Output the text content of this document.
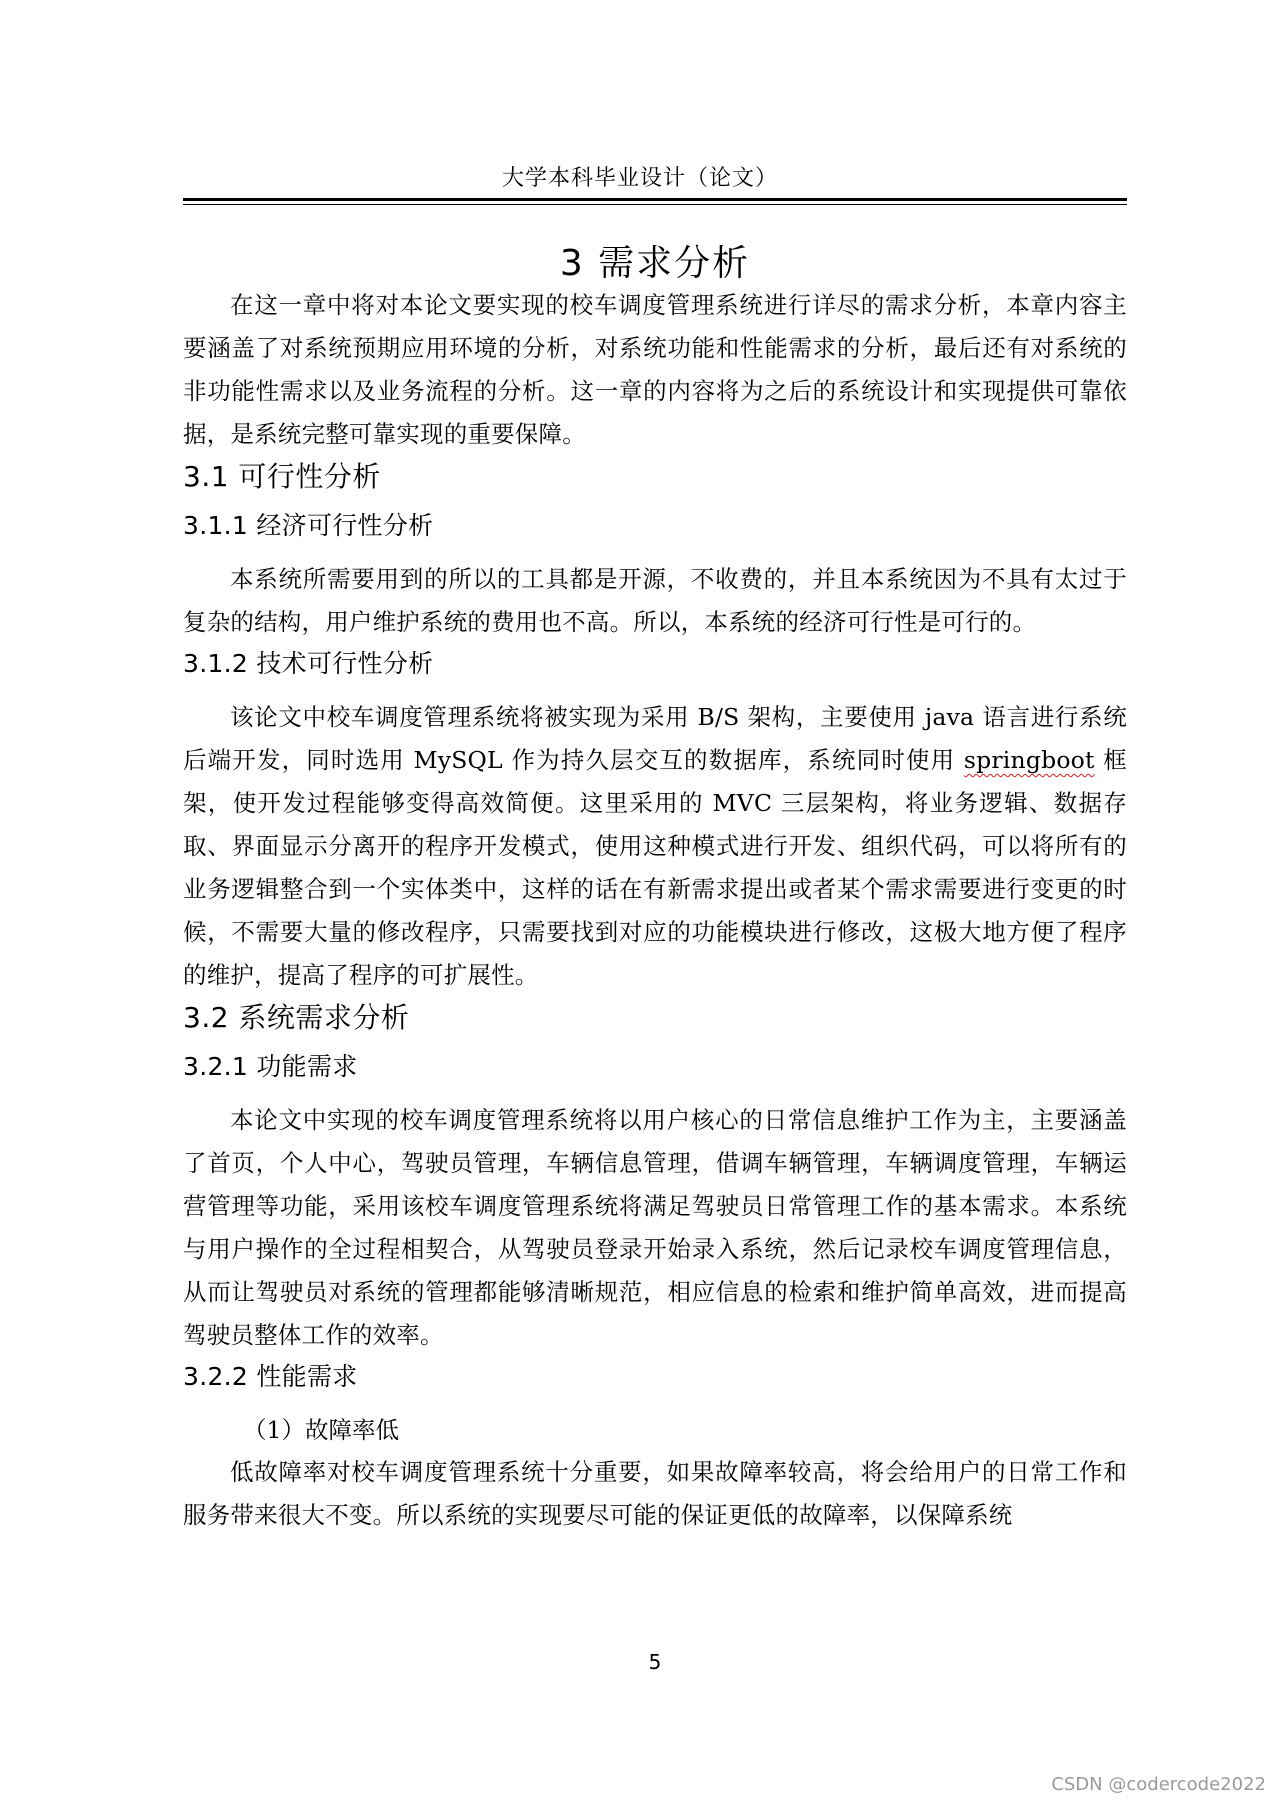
大学本科毕业设计（论文）
3 需求分析

在这一章中将对本论文要实现的校车调度管理系统进行详尽的需求分析，本章内容主要涵盖了对系统预期应用环境的分析，对系统功能和性能需求的分析，最后还有对系统的非功能性需求以及业务流程的分析。这一章的内容将为之后的系统设计和实现提供可靠依据，是系统完整可靠实现的重要保障。

3.1 可行性分析
3.1.1 经济可行性分析

本系统所需要用到的所以的工具都是开源，不收费的，并且本系统因为不具有太过于复杂的结构，用户维护系统的费用也不高。所以，本系统的经济可行性是可行的。

3.1.2 技术可行性分析

该论文中校车调度管理系统将被实现为采用 B/S 架构，主要使用 java 语言进行系统后端开发，同时选用 MySQL 作为持久层交互的数据库，系统同时使用 springboot 框架，使开发过程能够变得高效简便。这里采用的 MVC 三层架构，将业务逻辑、数据存取、界面显示分离开的程序开发模式，使用这种模式进行开发、组织代码，可以将所有的业务逻辑整合到一个实体类中，这样的话在有新需求提出或者某个需求需要进行变更的时候，不需要大量的修改程序，只需要找到对应的功能模块进行修改，这极大地方便了程序的维护，提高了程序的可扩展性。

3.2 系统需求分析
3.2.1 功能需求

本论文中实现的校车调度管理系统将以用户核心的日常信息维护工作为主，主要涵盖了首页，个人中心，驾驶员管理，车辆信息管理，借调车辆管理，车辆调度管理，车辆运营管理等功能，采用该校车调度管理系统将满足驾驶员日常管理工作的基本需求。本系统与用户操作的全过程相契合，从驾驶员登录开始录入系统，然后记录校车调度管理信息，从而让驾驶员对系统的管理都能够清晰规范，相应信息的检索和维护简单高效，进而提高驾驶员整体工作的效率。

3.2.2 性能需求

（1）故障率低

低故障率对校车调度管理系统十分重要，如果故障率较高，将会给用户的日常工作和服务带来很大不变。所以系统的实现要尽可能的保证更低的故障率，以保障系统

5
CSDN @codercode2022
